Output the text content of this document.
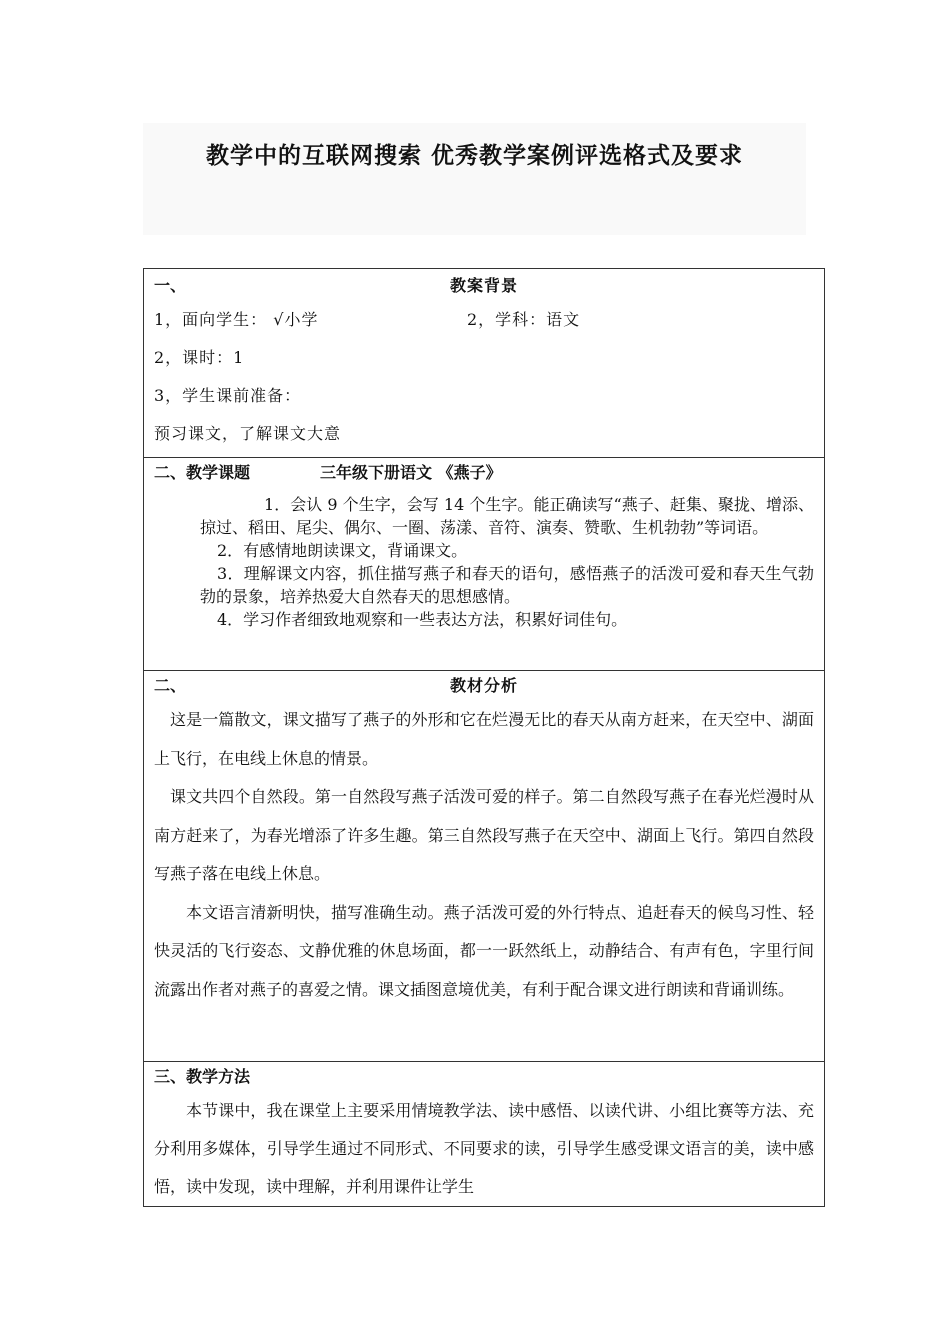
教学中的互联网搜索 优秀教学案例评选格式及要求
一、	教案背景
1，面向学生： √小学	2，学科：语文
2，课时：1
3，学生课前准备：
预习课文，了解课文大意

二、教学课题	三年级下册语文 《燕子》

1．会认 9 个生字，会写 14 个生字。能正确读写“燕子、赶集、聚拢、增添、掠过、稻田、尾尖、偶尔、一圈、荡漾、音符、演奏、赞歌、生机勃勃”等词语。

2．有感情地朗读课文，背诵课文。

3．理解课文内容，抓住描写燕子和春天的语句，感悟燕子的活泼可爱和春天生气勃勃的景象，培养热爱大自然春天的思想感情。

4．学习作者细致地观察和一些表达方法，积累好词佳句。

二、	教材分析

这是一篇散文，课文描写了燕子的外形和它在烂漫无比的春天从南方赶来，在天空中、湖面上飞行，在电线上休息的情景。

课文共四个自然段。第一自然段写燕子活泼可爱的样子。第二自然段写燕子在春光烂漫时从南方赶来了，为春光增添了许多生趣。第三自然段写燕子在天空中、湖面上飞行。第四自然段写燕子落在电线上休息。

本文语言清新明快，描写准确生动。燕子活泼可爱的外行特点、追赶春天的候鸟习性、轻快灵活的飞行姿态、文静优雅的休息场面，都一一跃然纸上，动静结合、有声有色，字里行间流露出作者对燕子的喜爱之情。课文插图意境优美，有利于配合课文进行朗读和背诵训练。

三、教学方法

本节课中，我在课堂上主要采用情境教学法、读中感悟、以读代讲、小组比赛等方法、充分利用多媒体，引导学生通过不同形式、不同要求的读，引导学生感受课文语言的美，读中感悟，读中发现，读中理解，并利用课件让学生
